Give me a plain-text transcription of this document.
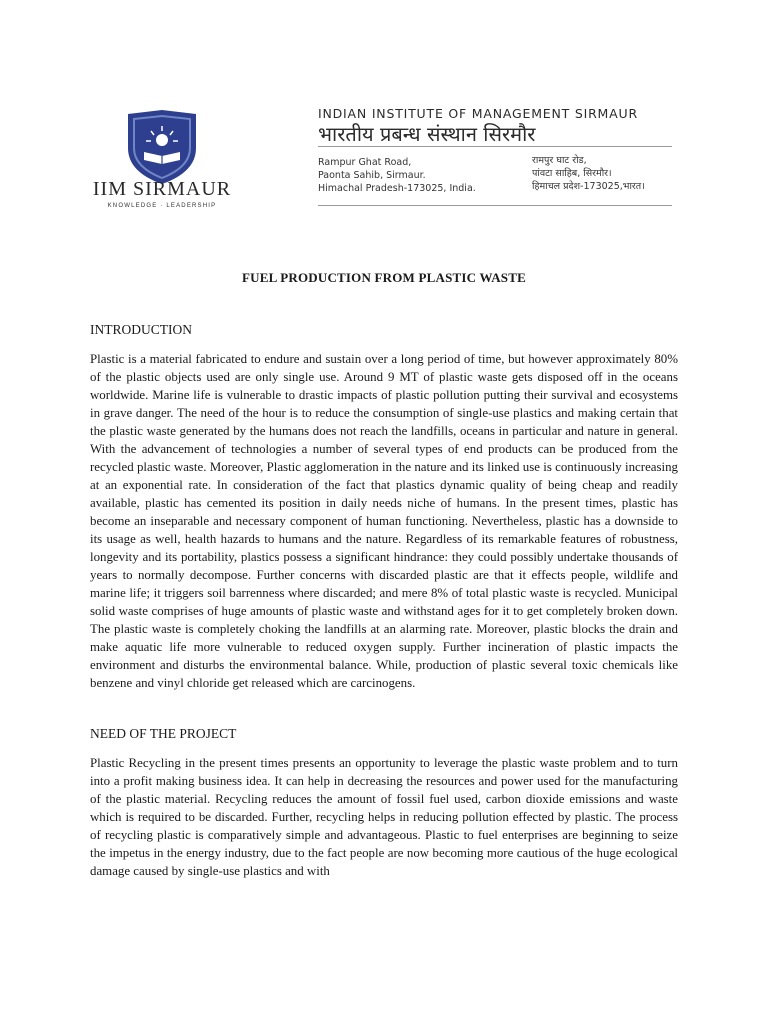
IIM SIRMAUR
KNOWLEDGE · LEADERSHIP
INDIAN INSTITUTE OF MANAGEMENT SIRMAUR
भारतीय प्रबन्ध संस्थान सिरमौर
Rampur Ghat Road,
Paonta Sahib, Sirmaur.
Himachal Pradesh-173025, India.
रामपुर घाट रोड,
पांवटा साहिब, सिरमौर।
हिमाचल प्रदेश-173025,भारत।
FUEL PRODUCTION FROM PLASTIC WASTE
INTRODUCTION

Plastic is a material fabricated to endure and sustain over a long period of time, but however approximately 80% of the plastic objects used are only single use. Around 9 MT of plastic waste gets disposed off in the oceans worldwide. Marine life is vulnerable to drastic impacts of plastic pollution putting their survival and ecosystems in grave danger. The need of the hour is to reduce the consumption of single-use plastics and making certain that the plastic waste generated by the humans does not reach the landfills, oceans in particular and nature in general. With the advancement of technologies a number of several types of end products can be produced from the recycled plastic waste. Moreover, Plastic agglomeration in the nature and its linked use is continuously increasing at an exponential rate. In consideration of the fact that plastics dynamic quality of being cheap and readily available, plastic has cemented its position in daily needs niche of humans. In the present times, plastic has become an inseparable and necessary component of human functioning. Nevertheless, plastic has a downside to its usage as well, health hazards to humans and the nature. Regardless of its remarkable features of robustness, longevity and its portability, plastics possess a significant hindrance: they could possibly undertake thousands of years to normally decompose. Further concerns with discarded plastic are that it effects people, wildlife and marine life; it triggers soil barrenness where discarded; and mere 8% of total plastic waste is recycled. Municipal solid waste comprises of huge amounts of plastic waste and withstand ages for it to get completely broken down. The plastic waste is completely choking the landfills at an alarming rate. Moreover, plastic blocks the drain and make aquatic life more vulnerable to reduced oxygen supply. Further incineration of plastic impacts the environment and disturbs the environmental balance. While, production of plastic several toxic chemicals like benzene and vinyl chloride get released which are carcinogens.

NEED OF THE PROJECT

Plastic Recycling in the present times presents an opportunity to leverage the plastic waste problem and to turn into a profit making business idea. It can help in decreasing the resources and power used for the manufacturing of the plastic material. Recycling reduces the amount of fossil fuel used, carbon dioxide emissions and waste which is required to be discarded. Further, recycling helps in reducing pollution effected by plastic. The process of recycling plastic is comparatively simple and advantageous. Plastic to fuel enterprises are beginning to seize the impetus in the energy industry, due to the fact people are now becoming more cautious of the huge ecological damage caused by single-use plastics and with
